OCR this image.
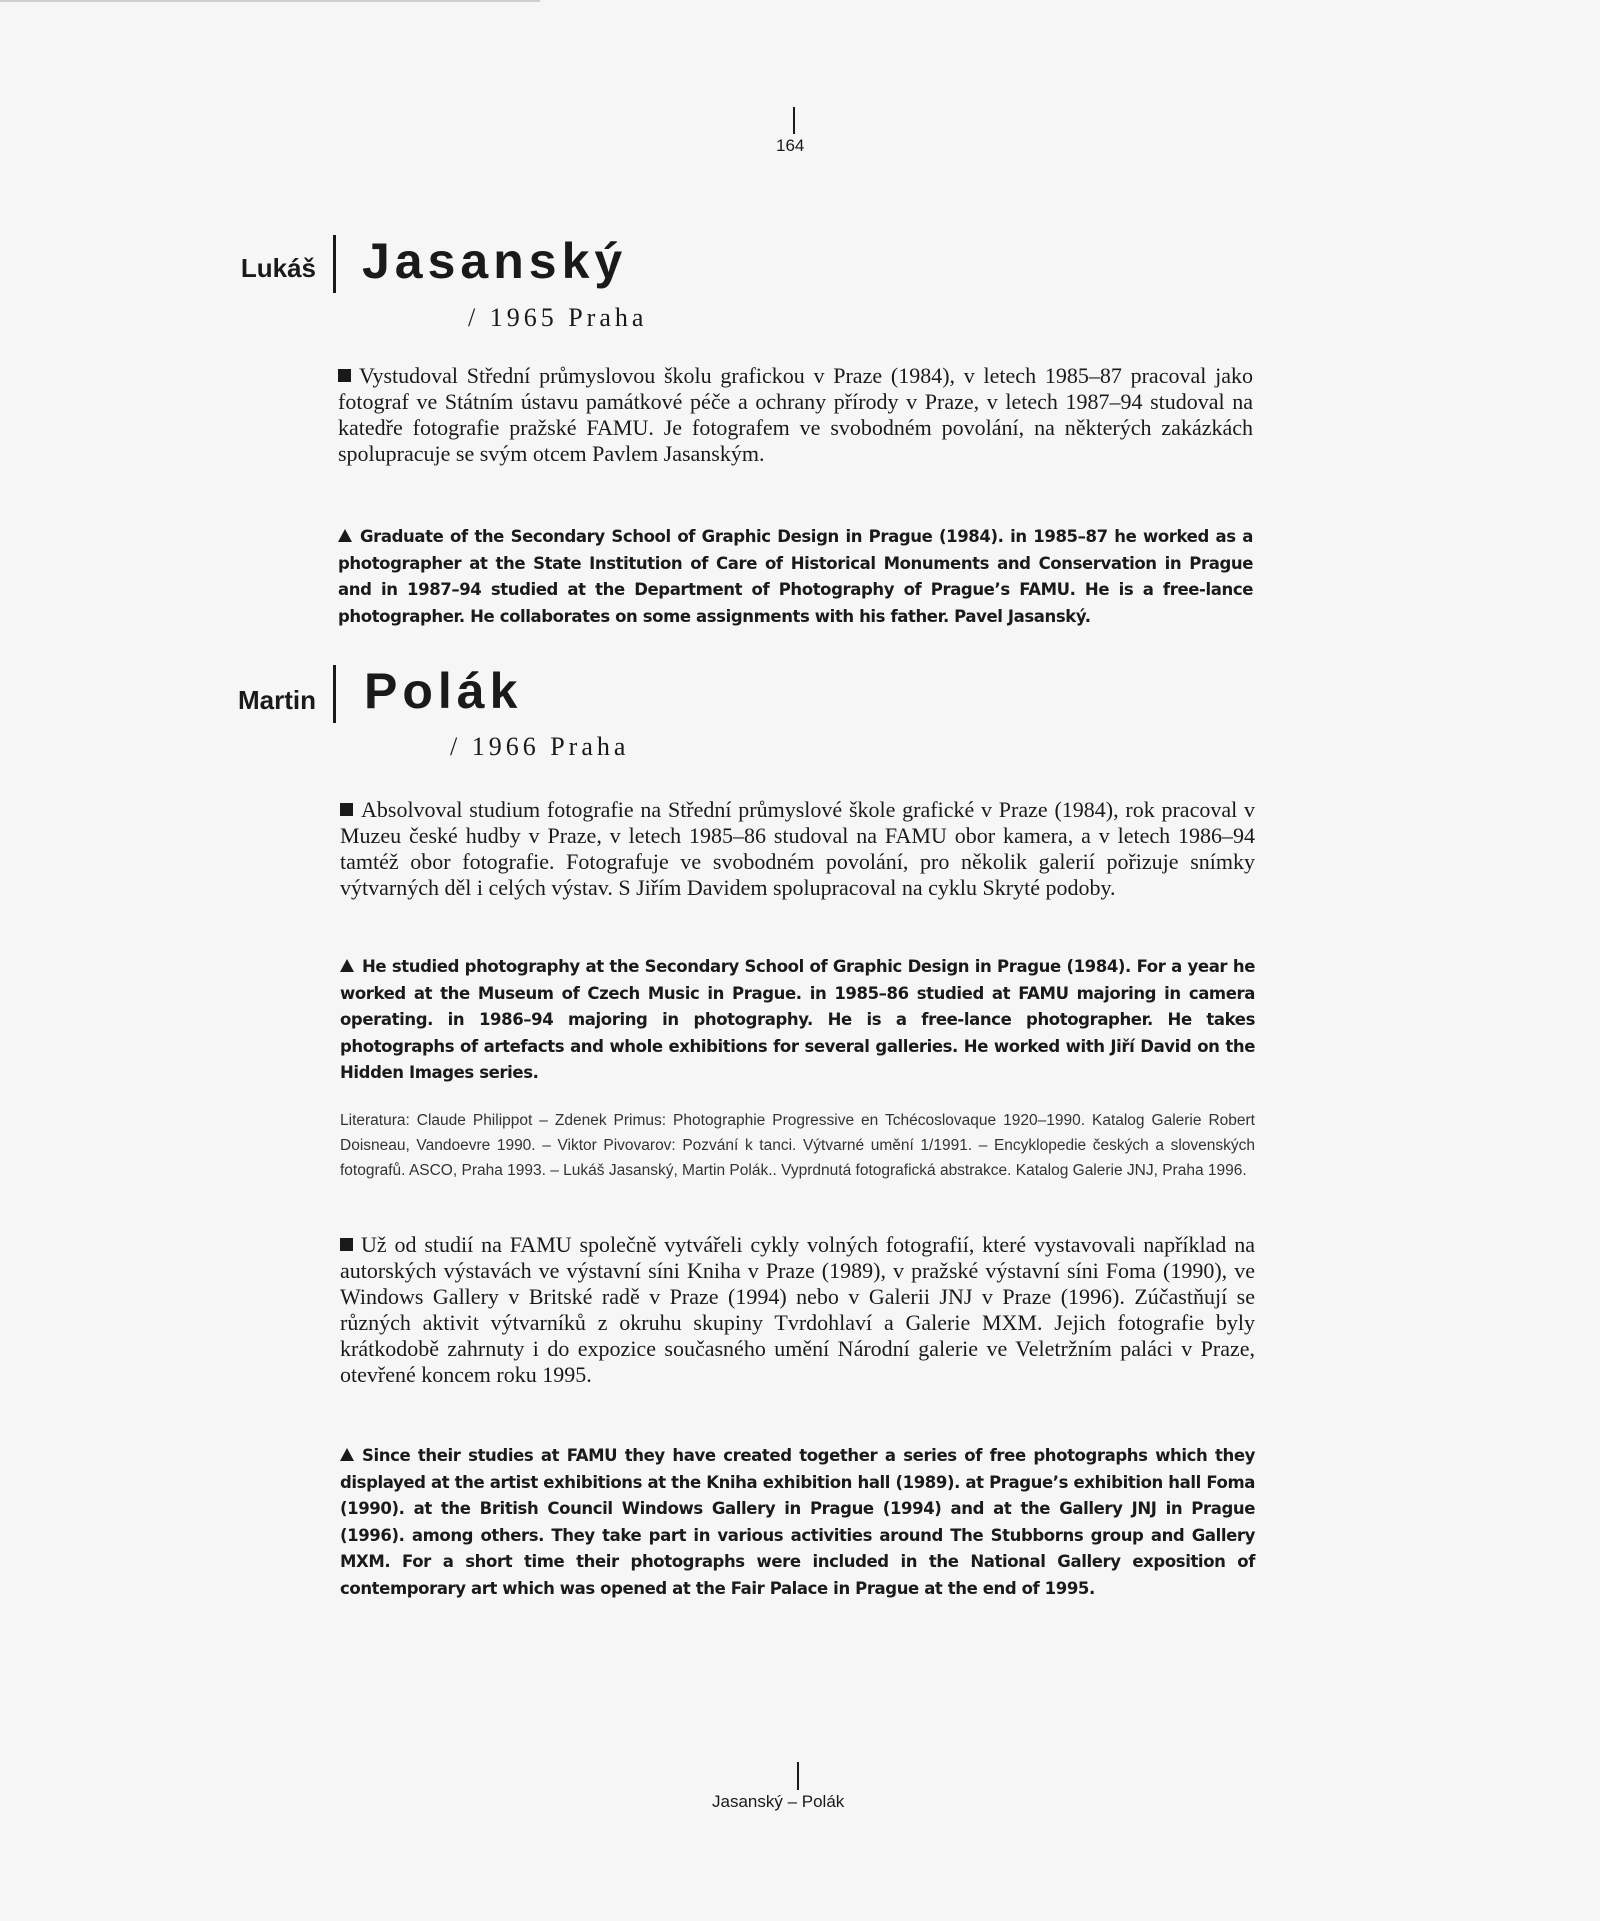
164
Lukáš Jasanský
/ 1965 Praha
Vystudoval Střední průmyslovou školu grafickou v Praze (1984), v letech 1985–87 pracoval jako fotograf ve Státním ústavu památkové péče a ochrany přírody v Praze, v letech 1987–94 studoval na katedře fotografie pražské FAMU. Je fotografem ve svobodném povolání, na některých zakázkách spolupracuje se svým otcem Pavlem Jasanským.
Graduate of the Secondary School of Graphic Design in Prague (1984). in 1985–87 he worked as a photographer at the State Institution of Care of Historical Monuments and Conservation in Prague and in 1987–94 studied at the Department of Photography of Prague’s FAMU. He is a free-lance photographer. He collaborates on some assignments with his father. Pavel Jasanský.
Martin Polák
/ 1966 Praha
Absolvoval studium fotografie na Střední průmyslové škole grafické v Praze (1984), rok pracoval v Muzeu české hudby v Praze, v letech 1985–86 studoval na FAMU obor kamera, a v letech 1986–94 tamtéž obor fotografie. Fotografuje ve svobodném povolání, pro několik galerií pořizuje snímky výtvarných děl i celých výstav. S Jiřím Davidem spolupracoval na cyklu Skryté podoby.
He studied photography at the Secondary School of Graphic Design in Prague (1984). For a year he worked at the Museum of Czech Music in Prague. in 1985–86 studied at FAMU majoring in camera operating. in 1986–94 majoring in photography. He is a free-lance photographer. He takes photographs of artefacts and whole exhibitions for several galleries. He worked with Jiří David on the Hidden Images series.
Literatura: Claude Philippot – Zdenek Primus: Photographie Progressive en Tchécoslovaque 1920–1990. Katalog Galerie Robert Doisneau, Vandoevre 1990. – Viktor Pivovarov: Pozvání k tanci. Výtvarné umění 1/1991. – Encyklopedie českých a slovenských fotografů. ASCO, Praha 1993. – Lukáš Jasanský, Martin Polák.. Vyprdnutá fotografická abstrakce. Katalog Galerie JNJ, Praha 1996.
Už od studií na FAMU společně vytvářeli cykly volných fotografií, které vystavovali například na autorských výstavách ve výstavní síni Kniha v Praze (1989), v pražské výstavní síni Foma (1990), ve Windows Gallery v Britské radě v Praze (1994) nebo v Galerii JNJ v Praze (1996). Zúčastňují se různých aktivit výtvarníků z okruhu skupiny Tvrdohlaví a Galerie MXM. Jejich fotografie byly krátkodobě zahrnuty i do expozice současného umění Národní galerie ve Veletržním paláci v Praze, otevřené koncem roku 1995.
Since their studies at FAMU they have created together a series of free photographs which they displayed at the artist exhibitions at the Kniha exhibition hall (1989). at Prague’s exhibition hall Foma (1990). at the British Council Windows Gallery in Prague (1994) and at the Gallery JNJ in Prague (1996). among others. They take part in various activities around The Stubborns group and Gallery MXM. For a short time their photographs were included in the National Gallery exposition of contemporary art which was opened at the Fair Palace in Prague at the end of 1995.
Jasanský – Polák
